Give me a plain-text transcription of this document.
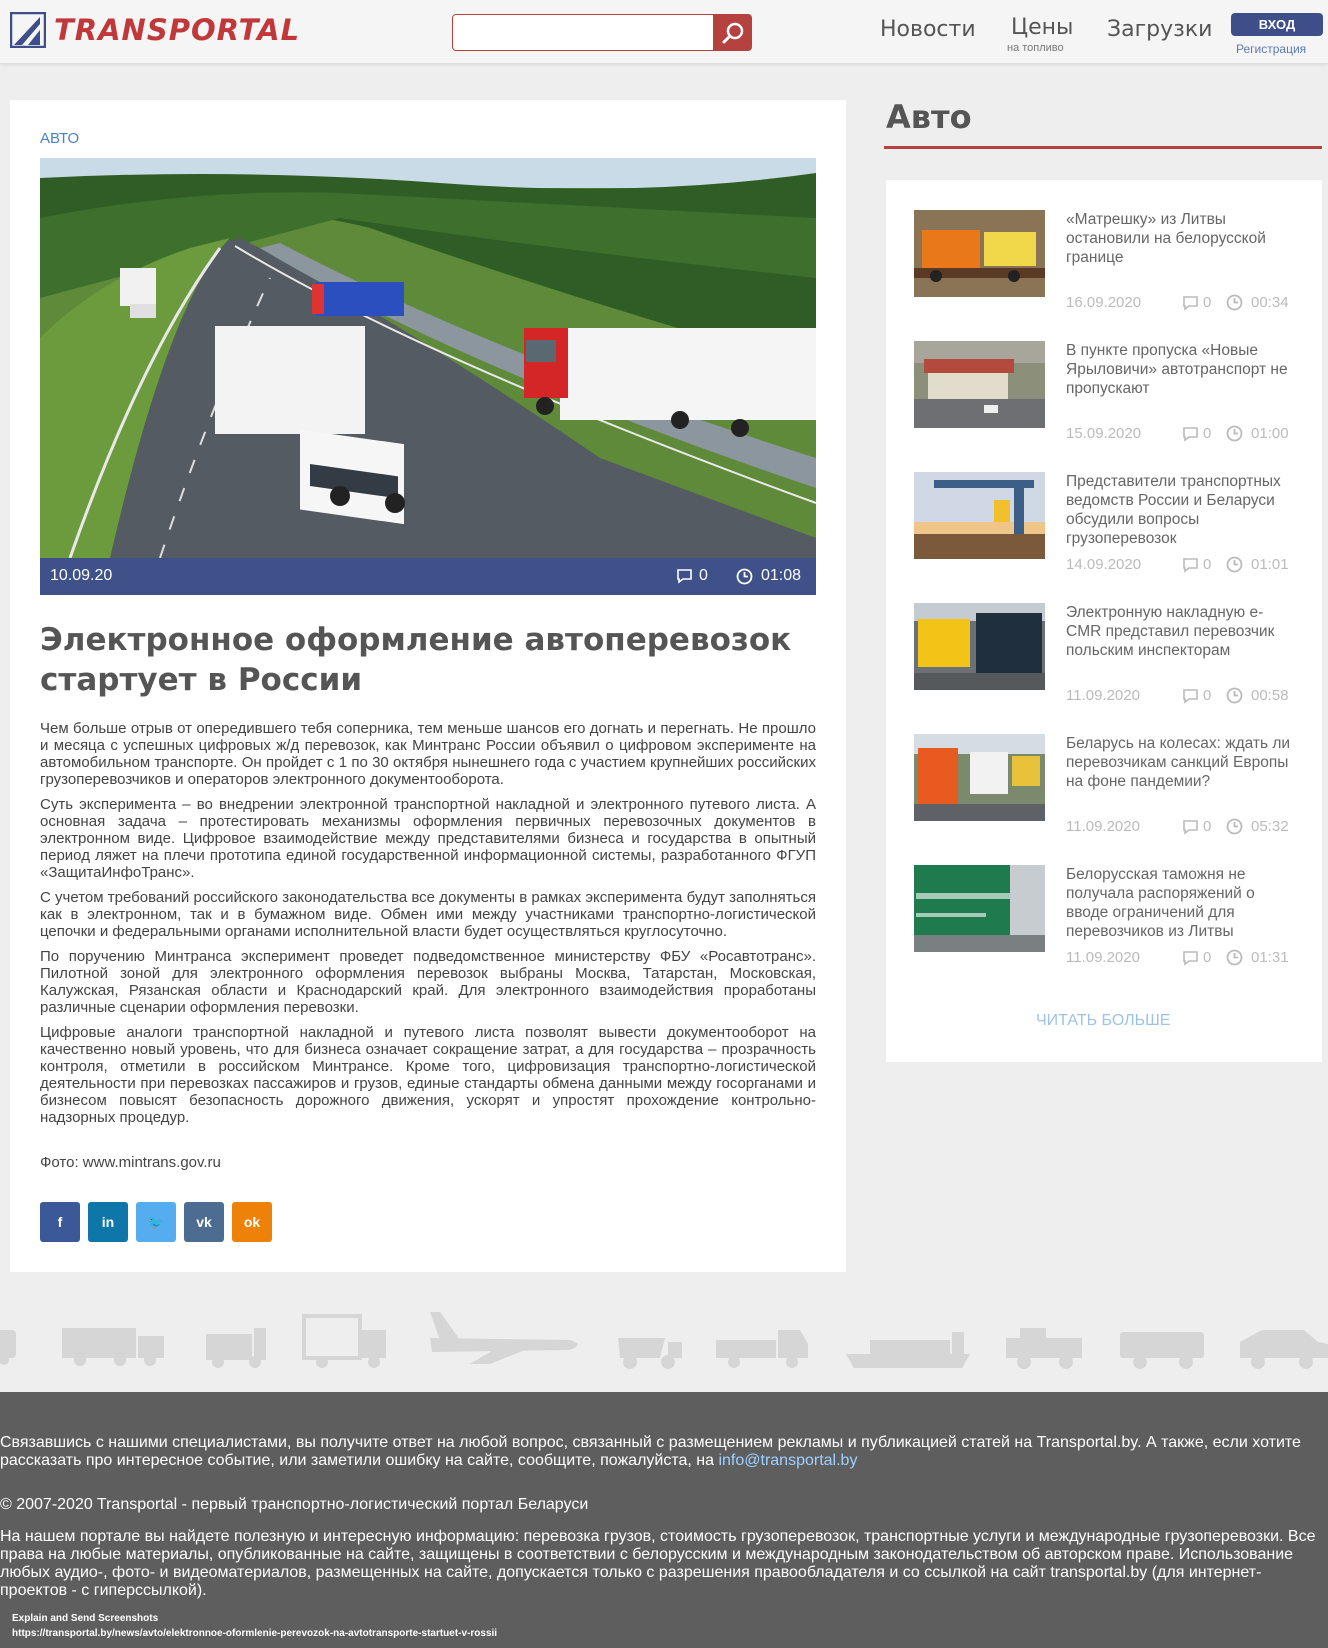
TRANSPORTAL	Новости Цены
на топливо
Загрузки	ВХОД
Регистрация
АВТО
10.09.20	0	01:08
Электронное оформление автоперевозок стартует в России

Чем больше отрыв от опередившего тебя соперника, тем меньше шансов его догнать и перегнать. Не прошло и месяца с успешных цифровых ж/д перевозок, как Минтранс России объявил о цифровом эксперименте на автомобильном транспорте. Он пройдет с 1 по 30 октября нынешнего года с участием крупнейших российских грузоперевозчиков и операторов электронного документооборота.

Суть эксперимента – во внедрении электронной транспортной накладной и электронного путевого листа. А основная задача – протестировать механизмы оформления первичных перевозочных документов в электронном виде. Цифровое взаимодействие между представителями бизнеса и государства в опытный период ляжет на плечи прототипа единой государственной информационной системы, разработанного ФГУП «ЗащитаИнфоТранс».

С учетом требований российского законодательства все документы в рамках эксперимента будут заполняться как в электронном, так и в бумажном виде. Обмен ими между участниками транспортно-логистической цепочки и федеральными органами исполнительной власти будет осуществляться круглосуточно.

По поручению Минтранса эксперимент проведет подведомственное министерству ФБУ «Росавтотранс». Пилотной зоной для электронного оформления перевозок выбраны Москва, Татарстан, Московская, Калужская, Рязанская области и Краснодарский край. Для электронного взаимодействия проработаны различные сценарии оформления перевозки.

Цифровые аналоги транспортной накладной и путевого листа позволят вывести документооборот на качественно новый уровень, что для бизнеса означает сокращение затрат, а для государства – прозрачность контроля, отметили в российском Минтрансе. Кроме того, цифровизация транспортно-логистической деятельности при перевозках пассажиров и грузов, единые стандарты обмена данными между госорганами и бизнесом повысят безопасность дорожного движения, ускорят и упростят прохождение контрольно-надзорных процедур.

Фото: www.mintrans.gov.ru
f	in 🐦 vk ok
Авто
«Матрешку» из Литвы остановили на белорусской границе
16.09.2020	0	00:34
В пункте пропуска «Новые Ярыловичи» автотранспорт не пропускают
15.09.2020	0	01:00
Представители транспортных ведомств России и Беларуси обсудили вопросы грузоперевозок
14.09.2020	0	01:01
Электронную накладную e-CMR представил перевозчик польским инспекторам
11.09.2020	0	00:58
Беларусь на колесах: ждать ли перевозчикам санкций Европы на фоне пандемии?
11.09.2020	0	05:32
Белорусская таможня не получала распоряжений о вводе ограничений для перевозчиков из Литвы
11.09.2020	0	01:31
ЧИТАТЬ БОЛЬШЕ

Связавшись с нашими специалистами, вы получите ответ на любой вопрос, связанный с размещением рекламы и публикацией статей на Transportal.by. А также, если хотите рассказать про интересное событие, или заметили ошибку на сайте, сообщите, пожалуйста, на info@transportal.by

© 2007-2020 Transportal - первый транспортно-логистический портал Беларуси

На нашем портале вы найдете полезную и интересную информацию: перевозка грузов, стоимость грузоперевозок, транспортные услуги и международные грузоперевозки. Все права на любые материалы, опубликованные на сайте, защищены в соответствии с белорусским и международным законодательством об авторском праве. Использование любых аудио-, фото- и видеоматериалов, размещенных на сайте, допускается только с разрешения правообладателя и со ссылкой на сайт transportal.by (для интернет-проектов - с гиперссылкой).

Explain and Send Screenshots
https://transportal.by/news/avto/elektronnoe-oformlenie-perevozok-na-avtotransporte-startuet-v-rossii
